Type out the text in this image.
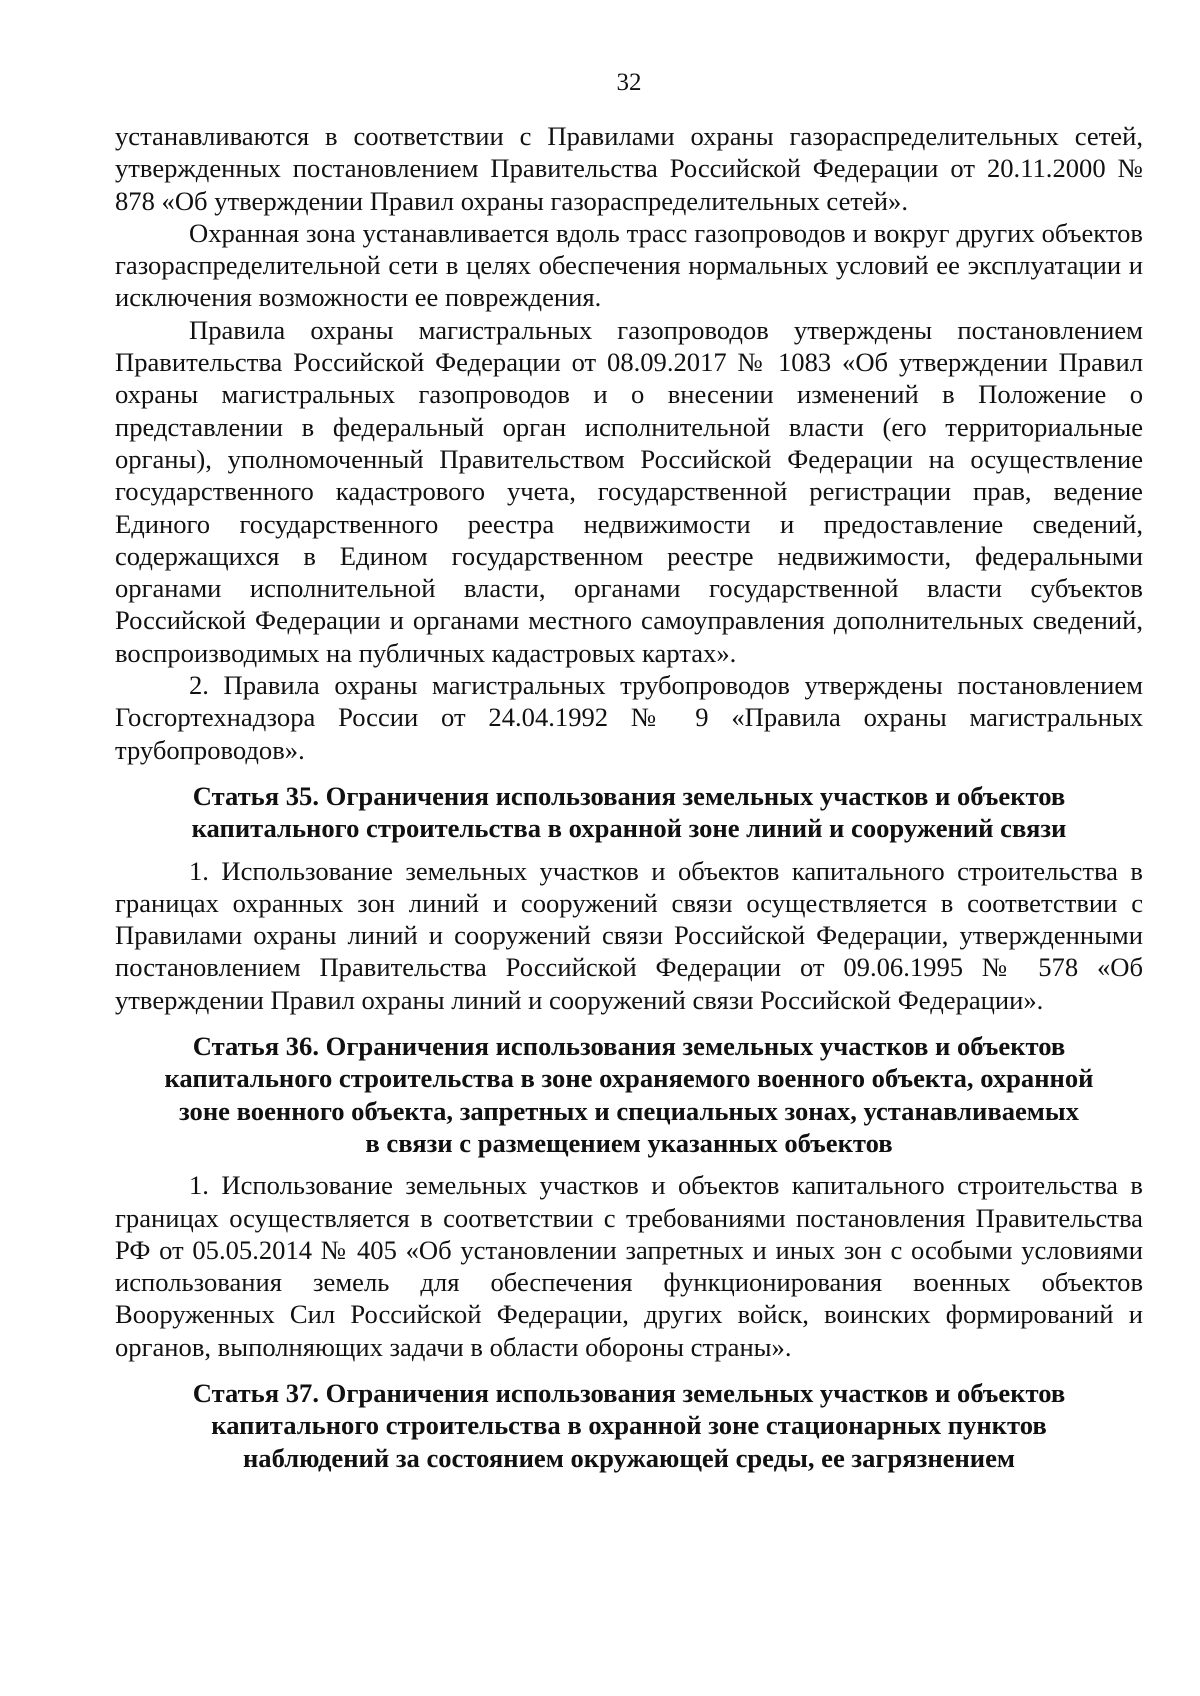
32

устанавливаются в соответствии с Правилами охраны газораспределительных сетей, утвержденных постановлением Правительства Российской Федерации от 20.11.2000 № 878 «Об утверждении Правил охраны газораспределительных сетей».

Охранная зона устанавливается вдоль трасс газопроводов и вокруг других объектов газораспределительной сети в целях обеспечения нормальных условий ее эксплуатации и исключения возможности ее повреждения.

Правила охраны магистральных газопроводов утверждены постановлением Правительства Российской Федерации от 08.09.2017 № 1083 «Об утверждении Правил охраны магистральных газопроводов и о внесении изменений в Положение о представлении в федеральный орган исполнительной власти (его территориальные органы), уполномоченный Правительством Российской Федерации на осуществление государственного кадастрового учета, государственной регистрации прав, ведение Единого государственного реестра недвижимости и предоставление сведений, содержащихся в Едином государственном реестре недвижимости, федеральными органами исполнительной власти, органами государственной власти субъектов Российской Федерации и органами местного самоуправления дополнительных сведений, воспроизводимых на публичных кадастровых картах».

2. Правила охраны магистральных трубопроводов утверждены постановлением Госгортехнадзора России от 24.04.1992 № 9 «Правила охраны магистральных трубопроводов».

Статья 35. Ограничения использования земельных участков и объектов
капитального строительства в охранной зоне линий и сооружений связи

1. Использование земельных участков и объектов капитального строительства в границах охранных зон линий и сооружений связи осуществляется в соответствии с Правилами охраны линий и сооружений связи Российской Федерации, утвержденными постановлением Правительства Российской Федерации от 09.06.1995 № 578 «Об утверждении Правил охраны линий и сооружений связи Российской Федерации».

Статья 36. Ограничения использования земельных участков и объектов
капитального строительства в зоне охраняемого военного объекта, охранной
зоне военного объекта, запретных и специальных зонах, устанавливаемых
в связи с размещением указанных объектов

1. Использование земельных участков и объектов капитального строительства в границах осуществляется в соответствии с требованиями постановления Правительства РФ от 05.05.2014 № 405 «Об установлении запретных и иных зон с особыми условиями использования земель для обеспечения функционирования военных объектов Вооруженных Сил Российской Федерации, других войск, воинских формирований и органов, выполняющих задачи в области обороны страны».

Статья 37. Ограничения использования земельных участков и объектов
капитального строительства в охранной зоне стационарных пунктов
наблюдений за состоянием окружающей среды, ее загрязнением
